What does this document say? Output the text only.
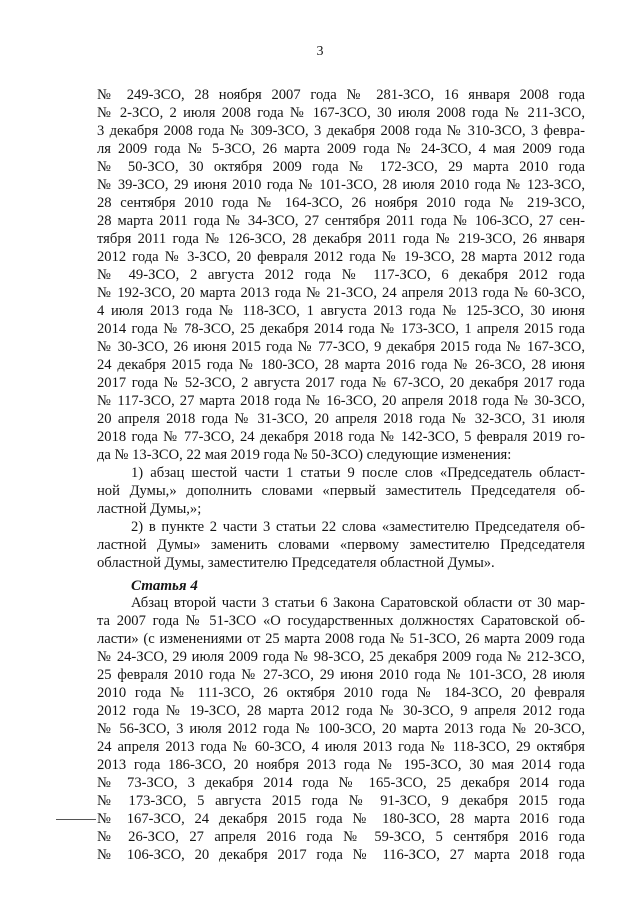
3
№ 249-ЗСО, 28 ноября 2007 года № 281-ЗСО, 16 января 2008 года
№ 2-ЗСО, 2 июля 2008 года № 167-ЗСО, 30 июля 2008 года № 211-ЗСО,
3 декабря 2008 года № 309-ЗСО, 3 декабря 2008 года № 310-ЗСО, 3 февра-
ля 2009 года № 5-ЗСО, 26 марта 2009 года № 24-ЗСО, 4 мая 2009 года
№ 50-ЗСО, 30 октября 2009 года № 172-ЗСО, 29 марта 2010 года
№ 39-ЗСО, 29 июня 2010 года № 101-ЗСО, 28 июля 2010 года № 123-ЗСО,
28 сентября 2010 года № 164-ЗСО, 26 ноября 2010 года № 219-ЗСО,
28 марта 2011 года № 34-ЗСО, 27 сентября 2011 года № 106-ЗСО, 27 сен-
тября 2011 года № 126-ЗСО, 28 декабря 2011 года № 219-ЗСО, 26 января
2012 года № 3-ЗСО, 20 февраля 2012 года № 19-ЗСО, 28 марта 2012 года
№ 49-ЗСО, 2 августа 2012 года № 117-ЗСО, 6 декабря 2012 года
№ 192-ЗСО, 20 марта 2013 года № 21-ЗСО, 24 апреля 2013 года № 60-ЗСО,
4 июля 2013 года № 118-ЗСО, 1 августа 2013 года № 125-ЗСО, 30 июня
2014 года № 78-ЗСО, 25 декабря 2014 года № 173-ЗСО, 1 апреля 2015 года
№ 30-ЗСО, 26 июня 2015 года № 77-ЗСО, 9 декабря 2015 года № 167-ЗСО,
24 декабря 2015 года № 180-ЗСО, 28 марта 2016 года № 26-ЗСО, 28 июня
2017 года № 52-ЗСО, 2 августа 2017 года № 67-ЗСО, 20 декабря 2017 года
№ 117-ЗСО, 27 марта 2018 года № 16-ЗСО, 20 апреля 2018 года № 30-ЗСО,
20 апреля 2018 года № 31-ЗСО, 20 апреля 2018 года № 32-ЗСО, 31 июля
2018 года № 77-ЗСО, 24 декабря 2018 года № 142-ЗСО, 5 февраля 2019 го-
да № 13-ЗСО, 22 мая 2019 года № 50-ЗСО) следующие изменения:
1) абзац шестой части 1 статьи 9 после слов «Председатель област-
ной Думы,» дополнить словами «первый заместитель Председателя об-
ластной Думы,»;
2) в пункте 2 части 3 статьи 22 слова «заместителю Председателя об-
ластной Думы» заменить словами «первому заместителю Председателя
областной Думы, заместителю Председателя областной Думы».
Статья 4
Абзац второй части 3 статьи 6 Закона Саратовской области от 30 мар-
та 2007 года № 51-ЗСО «О государственных должностях Саратовской об-
ласти» (с изменениями от 25 марта 2008 года № 51-ЗСО, 26 марта 2009 года
№ 24-ЗСО, 29 июля 2009 года № 98-ЗСО, 25 декабря 2009 года № 212-ЗСО,
25 февраля 2010 года № 27-ЗСО, 29 июня 2010 года № 101-ЗСО, 28 июля
2010 года № 111-ЗСО, 26 октября 2010 года № 184-ЗСО, 20 февраля
2012 года № 19-ЗСО, 28 марта 2012 года № 30-ЗСО, 9 апреля 2012 года
№ 56-ЗСО, 3 июля 2012 года № 100-ЗСО, 20 марта 2013 года № 20-ЗСО,
24 апреля 2013 года № 60-ЗСО, 4 июля 2013 года № 118-ЗСО, 29 октября
2013 года 186-ЗСО, 20 ноября 2013 года № 195-ЗСО, 30 мая 2014 года
№ 73-ЗСО, 3 декабря 2014 года № 165-ЗСО, 25 декабря 2014 года
№ 173-ЗСО, 5 августа 2015 года № 91-ЗСО, 9 декабря 2015 года
№ 167-ЗСО, 24 декабря 2015 года № 180-ЗСО, 28 марта 2016 года
№ 26-ЗСО, 27 апреля 2016 года № 59-ЗСО, 5 сентября 2016 года
№ 106-ЗСО, 20 декабря 2017 года № 116-ЗСО, 27 марта 2018 года
